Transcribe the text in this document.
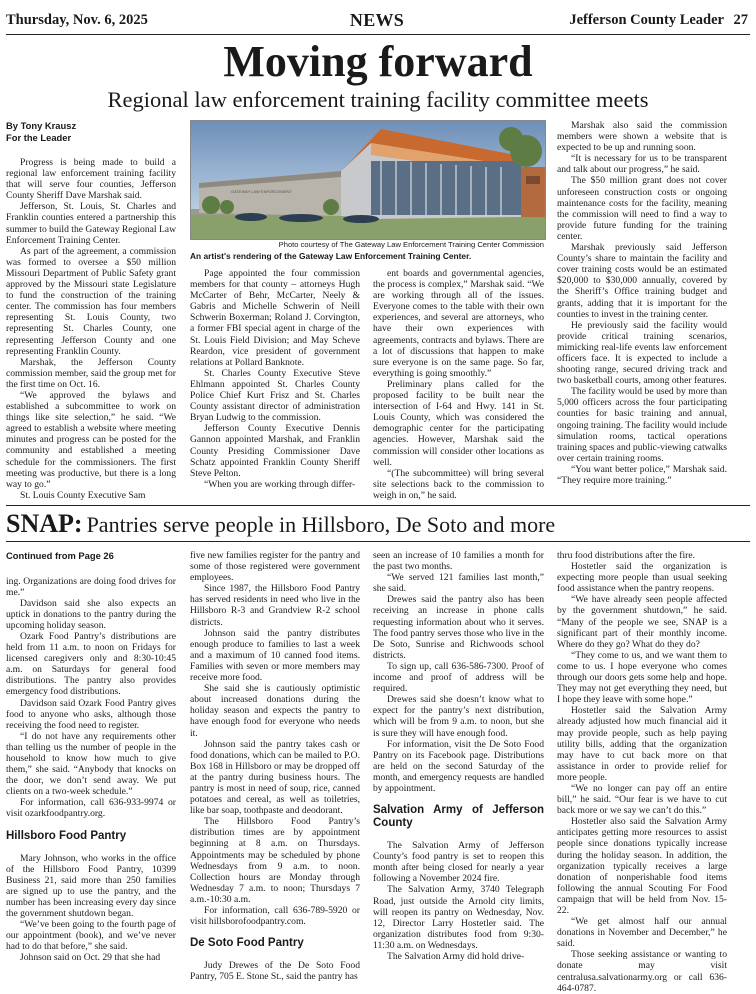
Thursday, Nov. 6, 2025	NEWS	Jefferson County Leader 27
Moving forward
Regional law enforcement training facility committee meets
By Tony Krausz
For the Leader

Progress is being made to build a regional law enforcement training facility that will serve four counties, Jefferson County Sheriff Dave Marshak said.

Jefferson, St. Louis, St. Charles and Franklin counties entered a partnership this summer to build the Gateway Regional Law Enforcement Training Center.

As part of the agreement, a commission was formed to oversee a $50 million Missouri Department of Public Safety grant approved by the Missouri state Legislature to fund the construction of the training center. The commission has four members representing St. Louis County, two representing St. Charles County, one representing Jefferson County and one representing Franklin County.

Marshak, the Jefferson County commission member, said the group met for the first time on Oct. 16.

“We approved the bylaws and established a subcommittee to work on things like site selection,” he said. “We agreed to establish a website where meeting minutes and progress can be posted for the community and established a meeting schedule for the commissioners. The first meeting was productive, but there is a long way to go.”

St. Louis County Executive Sam

GATEWAY LAW ENFORCEMENT
Photo courtesy of The Gateway Law Enforcement Training Center Commission
An artist's rendering of the Gateway Law Enforcement Training Center.

Page appointed the four commission members for that county – attorneys Hugh McCarter of Behr, McCarter, Neely & Gabris and Michelle Schwerin of Neill Schwerin Boxerman; Roland J. Corvington, a former FBI special agent in charge of the St. Louis Field Division; and May Scheve Reardon, vice president of government relations at Pollard Banknote.

St. Charles County Executive Steve Ehlmann appointed St. Charles County Police Chief Kurt Frisz and St. Charles County assistant director of administration Bryan Ludwig to the commission.

Jefferson County Executive Dennis Gannon appointed Marshak, and Franklin County Presiding Commissioner Dave Schatz appointed Franklin County Sheriff Steve Pelton.

“When you are working through differ-

ent boards and governmental agencies, the process is complex,” Marshak said. “We are working through all of the issues. Everyone comes to the table with their own experiences, and several are attorneys, who have their own experiences with agreements, contracts and bylaws. There are a lot of discussions that happen to make sure everyone is on the same page. So far, everything is going smoothly.”

Preliminary plans called for the proposed facility to be built near the intersection of I-64 and Hwy. 141 in St. Louis County, which was considered the demographic center for the participating agencies. However, Marshak said the commission will consider other locations as well.

“(The subcommittee) will bring several site selections back to the commission to weigh in on,” he said.

Marshak also said the commission members were shown a website that is expected to be up and running soon.

“It is necessary for us to be transparent and talk about our progress,” he said.

The $50 million grant does not cover unforeseen construction costs or ongoing maintenance costs for the facility, meaning the commission will need to find a way to provide future funding for the training center.

Marshak previously said Jefferson County’s share to maintain the facility and cover training costs would be an estimated $20,000 to $30,000 annually, covered by the Sheriff’s Office training budget and grants, adding that it is important for the counties to invest in the training center.

He previously said the facility would provide critical training scenarios, mimicking real-life events law enforcement officers face. It is expected to include a shooting range, secured driving track and two basketball courts, among other features.

The facility would be used by more than 5,000 officers across the four participating counties for basic training and annual, ongoing training. The facility would include simulation rooms, tactical operations training spaces and public-viewing catwalks over certain training rooms.

“You want better police,” Marshak said. “They require more training.”

SNAP: Pantries serve people in Hillsboro, De Soto and more
Continued from Page 26

ing. Organizations are doing food drives for me.”

Davidson said she also expects an uptick in donations to the pantry during the upcoming holiday season.

Ozark Food Pantry’s distributions are held from 11 a.m. to noon on Fridays for licensed caregivers only and 8:30-10:45 a.m. on Saturdays for general food distributions. The pantry also provides emergency food distributions.

Davidson said Ozark Food Pantry gives food to anyone who asks, although those receiving the food need to register.

“I do not have any requirements other than telling us the number of people in the household to know how much to give them,” she said. “Anybody that knocks on the door, we don’t send away. We put clients on a two-week schedule.”

For information, call 636-933-9974 or visit ozarkfoodpantry.org.

Hillsboro Food Pantry

Mary Johnson, who works in the office of the Hillsboro Food Pantry, 10399 Business 21, said more than 250 families are signed up to use the pantry, and the number has been increasing every day since the government shutdown began.

“We’ve been going to the fourth page of our appointment (book), and we’ve never had to do that before,” she said.

Johnson said on Oct. 29 that she had

five new families register for the pantry and some of those registered were government employees.

Since 1987, the Hillsboro Food Pantry has served residents in need who live in the Hillsboro R-3 and Grandview R-2 school districts.

Johnson said the pantry distributes enough produce to families to last a week and a maximum of 10 canned food items. Families with seven or more members may receive more food.

She said she is cautiously optimistic about increased donations during the holiday season and expects the pantry to have enough food for everyone who needs it.

Johnson said the pantry takes cash or food donations, which can be mailed to P.O. Box 168 in Hillsboro or may be dropped off at the pantry during business hours. The pantry is most in need of soup, rice, canned potatoes and cereal, as well as toiletries, like bar soap, toothpaste and deodorant.

The Hillsboro Food Pantry’s distribution times are by appointment beginning at 8 a.m. on Thursdays. Appointments may be scheduled by phone Wednesdays from 9 a.m. to noon. Collection hours are Monday through Wednesday 7 a.m. to noon; Thursdays 7 a.m.-10:30 a.m.

For information, call 636-789-5920 or visit hillsborofoodpantry.com.

De Soto Food Pantry

Judy Drewes of the De Soto Food Pantry, 705 E. Stone St., said the pantry has

seen an increase of 10 families a month for the past two months.

“We served 121 families last month,” she said.

Drewes said the pantry also has been receiving an increase in phone calls requesting information about who it serves. The food pantry serves those who live in the De Soto, Sunrise and Richwoods school districts.

To sign up, call 636-586-7300. Proof of income and proof of address will be required.

Drewes said she doesn’t know what to expect for the pantry’s next distribution, which will be from 9 a.m. to noon, but she is sure they will have enough food.

For information, visit the De Soto Food Pantry on its Facebook page. Distributions are held on the second Saturday of the month, and emergency requests are handled by appointment.

Salvation Army of Jefferson County

The Salvation Army of Jefferson County’s food pantry is set to reopen this month after being closed for nearly a year following a November 2024 fire.

The Salvation Army, 3740 Telegraph Road, just outside the Arnold city limits, will reopen its pantry on Wednesday, Nov. 12, Director Larry Hostetler said. The organization distributes food from 9:30-11:30 a.m. on Wednesdays.

The Salvation Army did hold drive-

thru food distributions after the fire.

Hostetler said the organization is expecting more people than usual seeking food assistance when the pantry reopens.

“We have already seen people affected by the government shutdown,” he said. “Many of the people we see, SNAP is a significant part of their monthly income. Where do they go? What do they do?

“They come to us, and we want them to come to us. I hope everyone who comes through our doors gets some help and hope. They may not get everything they need, but I hope they leave with some hope.”

Hostetler said the Salvation Army already adjusted how much financial aid it may provide people, such as help paying utility bills, adding that the organization may have to cut back more on that assistance in order to provide relief for more people.

“We no longer can pay off an entire bill,” he said. “Our fear is we have to cut back more or we say we can’t do this.”

Hostetler also said the Salvation Army anticipates getting more resources to assist people since donations typically increase during the holiday season. In addition, the organization typically receives a large donation of nonperishable food items following the annual Scouting For Food campaign that will be held from Nov. 15-22.

“We get almost half our annual donations in November and December,” he said.

Those seeking assistance or wanting to donate may visit centralusa.salvationarmy.org or call 636-464-0787.
